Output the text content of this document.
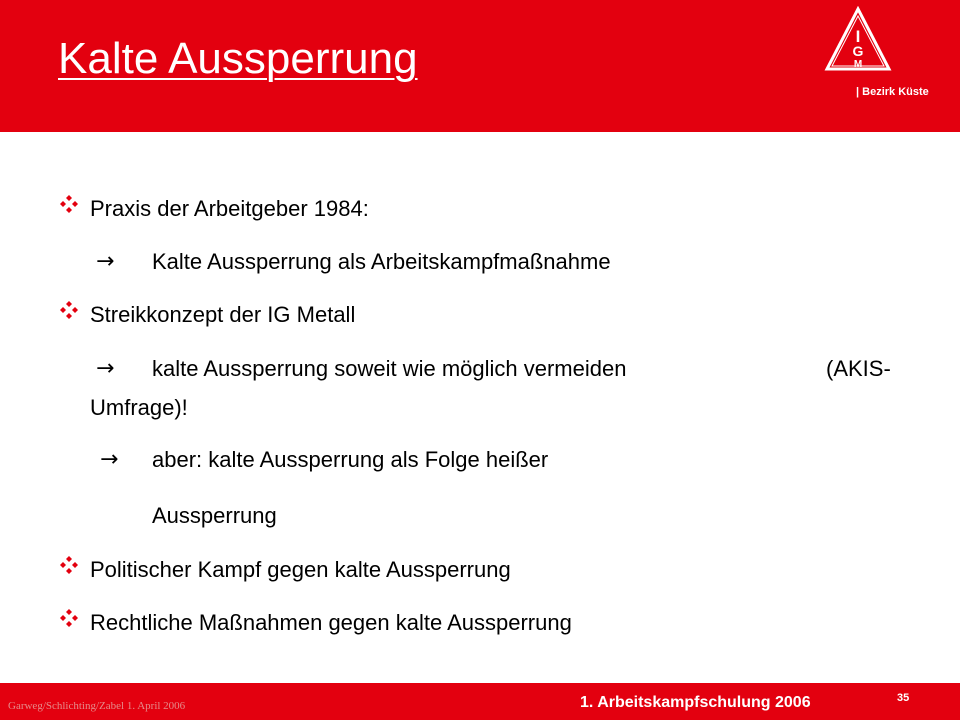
Kalte Aussperrung	I
G
M
| Bezirk Küste
Praxis der Arbeitgeber 1984:
→ Kalte Aussperrung als Arbeitskampfmaßnahme
Streikkonzept der IG Metall
→ kalte Aussperrung soweit wie möglich vermeiden	(AKIS-
Umfrage)!
→ aber: kalte Aussperrung als Folge heißer
Aussperrung
Politischer Kampf gegen kalte Aussperrung
Rechtliche Maßnahmen gegen kalte Aussperrung
Garweg/Schlichting/Zabel 1. April 2006	1. Arbeitskampfschulung 2006	35
